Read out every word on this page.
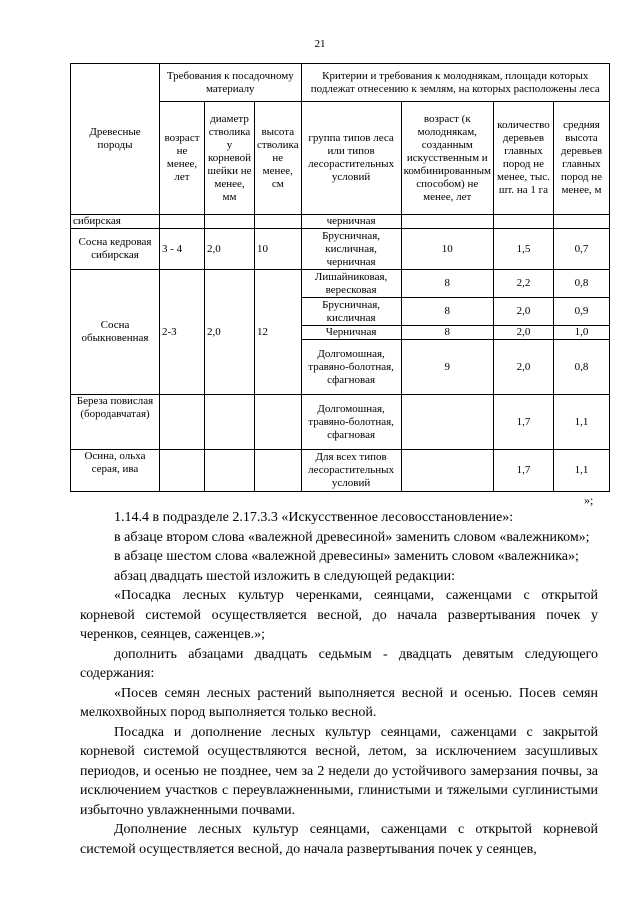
21
Древесные породы	Требования к посадочному материалу			Критерии и требования к молоднякам, площади которых подлежат отнесению к землям, на которых расположены леса			
	возраст не менее, лет	диаметр стволика у корневой шейки не менее, мм	высота стволика не менее, см	группа типов леса или типов лесорастительных условий	возраст (к молоднякам, созданным искусственным и комбинированным способом) не менее, лет	количество деревьев главных пород не менее, тыс. шт. на 1 га	средняя высота деревьев главных пород не менее, м
сибирская				черничная			
Сосна кедровая сибирская	3 - 4	2,0	10	Брусничная, кисличная, черничная	10	1,5	0,7
Сосна обыкновенная	2-3	2,0	12	Лишайниковая, вересковая	8	2,2	0,8
				Брусничная, кисличная	8	2,0	0,9
				Черничная	8	2,0	1,0
				Долгомошная, травяно-болотная, сфагновая	9	2,0	0,8
Береза повислая (бородавчатая)				Долгомошная, травяно-болотная, сфагновая		1,7	1,1
Осина, ольха серая, ива				Для всех типов лесорастительных условий		1,7	1,1
»;

1.14.4 в подразделе 2.17.3.3 «Искусственное лесовосстановление»:

в абзаце втором слова «валежной древесиной» заменить словом «валежником»;

в абзаце шестом слова «валежной древесины» заменить словом «валежника»;

абзац двадцать шестой изложить в следующей редакции:

«Посадка лесных культур черенками, сеянцами, саженцами с открытой корневой системой осуществляется весной, до начала развертывания почек у черенков, сеянцев, саженцев.»;

дополнить абзацами двадцать седьмым - двадцать девятым следующего содержания:

«Посев семян лесных растений выполняется весной и осенью. Посев семян мелкохвойных пород выполняется только весной.

Посадка и дополнение лесных культур сеянцами, саженцами с закрытой корневой системой осуществляются весной, летом, за исключением засушливых периодов, и осенью не позднее, чем за 2 недели до устойчивого замерзания почвы, за исключением участков с переувлажненными, глинистыми и тяжелыми суглинистыми избыточно увлажненными почвами.

Дополнение лесных культур сеянцами, саженцами с открытой корневой системой осуществляется весной, до начала развертывания почек у сеянцев,
